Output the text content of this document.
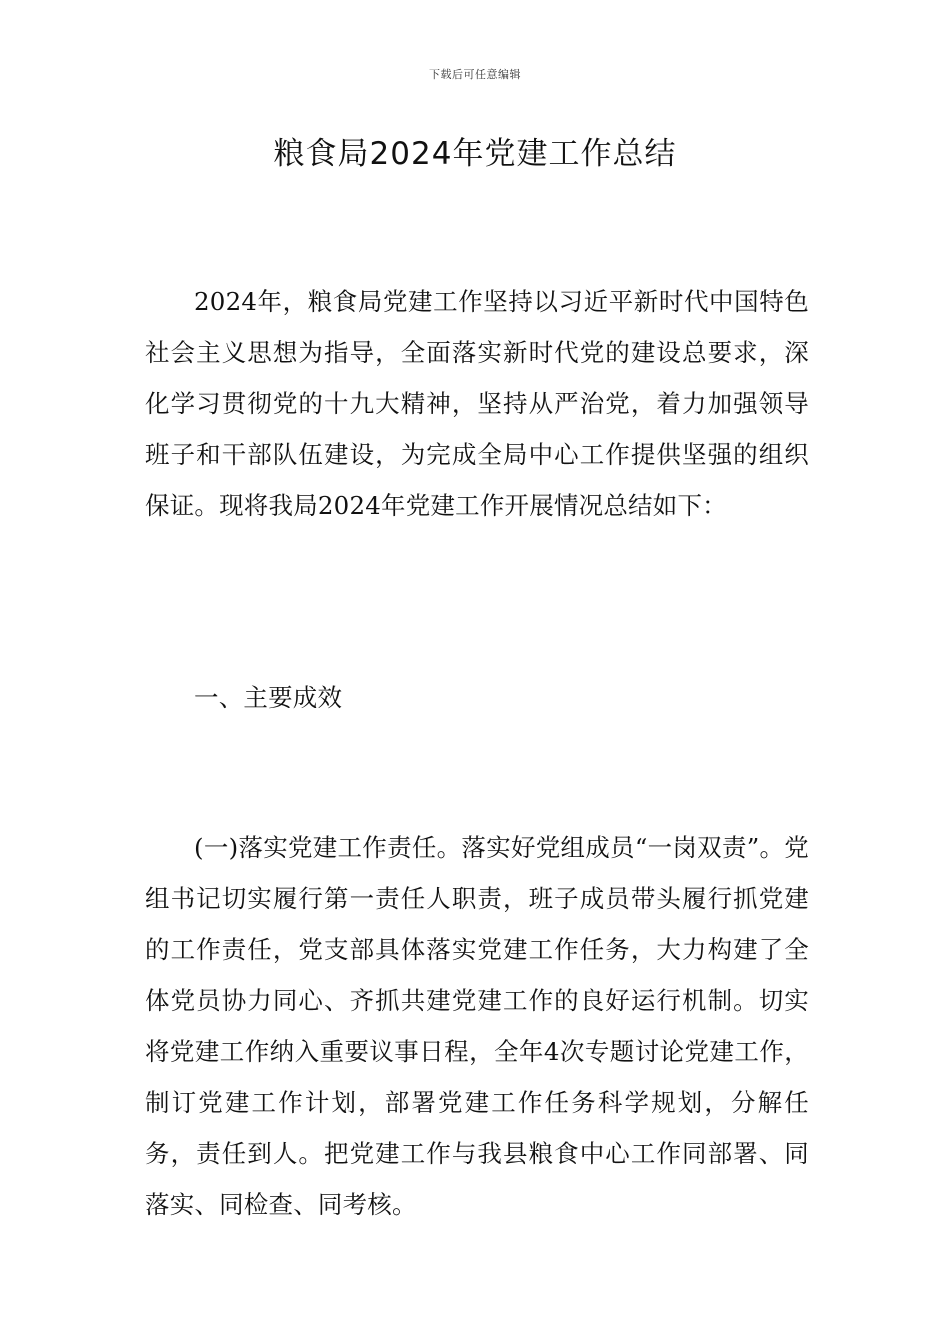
下载后可任意编辑
粮食局2024年党建工作总结

2024年，粮食局党建工作坚持以习近平新时代中国特色社会主义思想为指导，全面落实新时代党的建设总要求，深化学习贯彻党的十九大精神，坚持从严治党，着力加强领导班子和干部队伍建设，为完成全局中心工作提供坚强的组织保证。现将我局2024年党建工作开展情况总结如下：

一、主要成效

(一)落实党建工作责任。落实好党组成员“一岗双责”。党组书记切实履行第一责任人职责，班子成员带头履行抓党建的工作责任，党支部具体落实党建工作任务，大力构建了全体党员协力同心、齐抓共建党建工作的良好运行机制。切实将党建工作纳入重要议事日程，全年4次专题讨论党建工作，制订党建工作计划，部署党建工作任务科学规划，分解任务，责任到人。把党建工作与我县粮食中心工作同部署、同落实、同检查、同考核。
